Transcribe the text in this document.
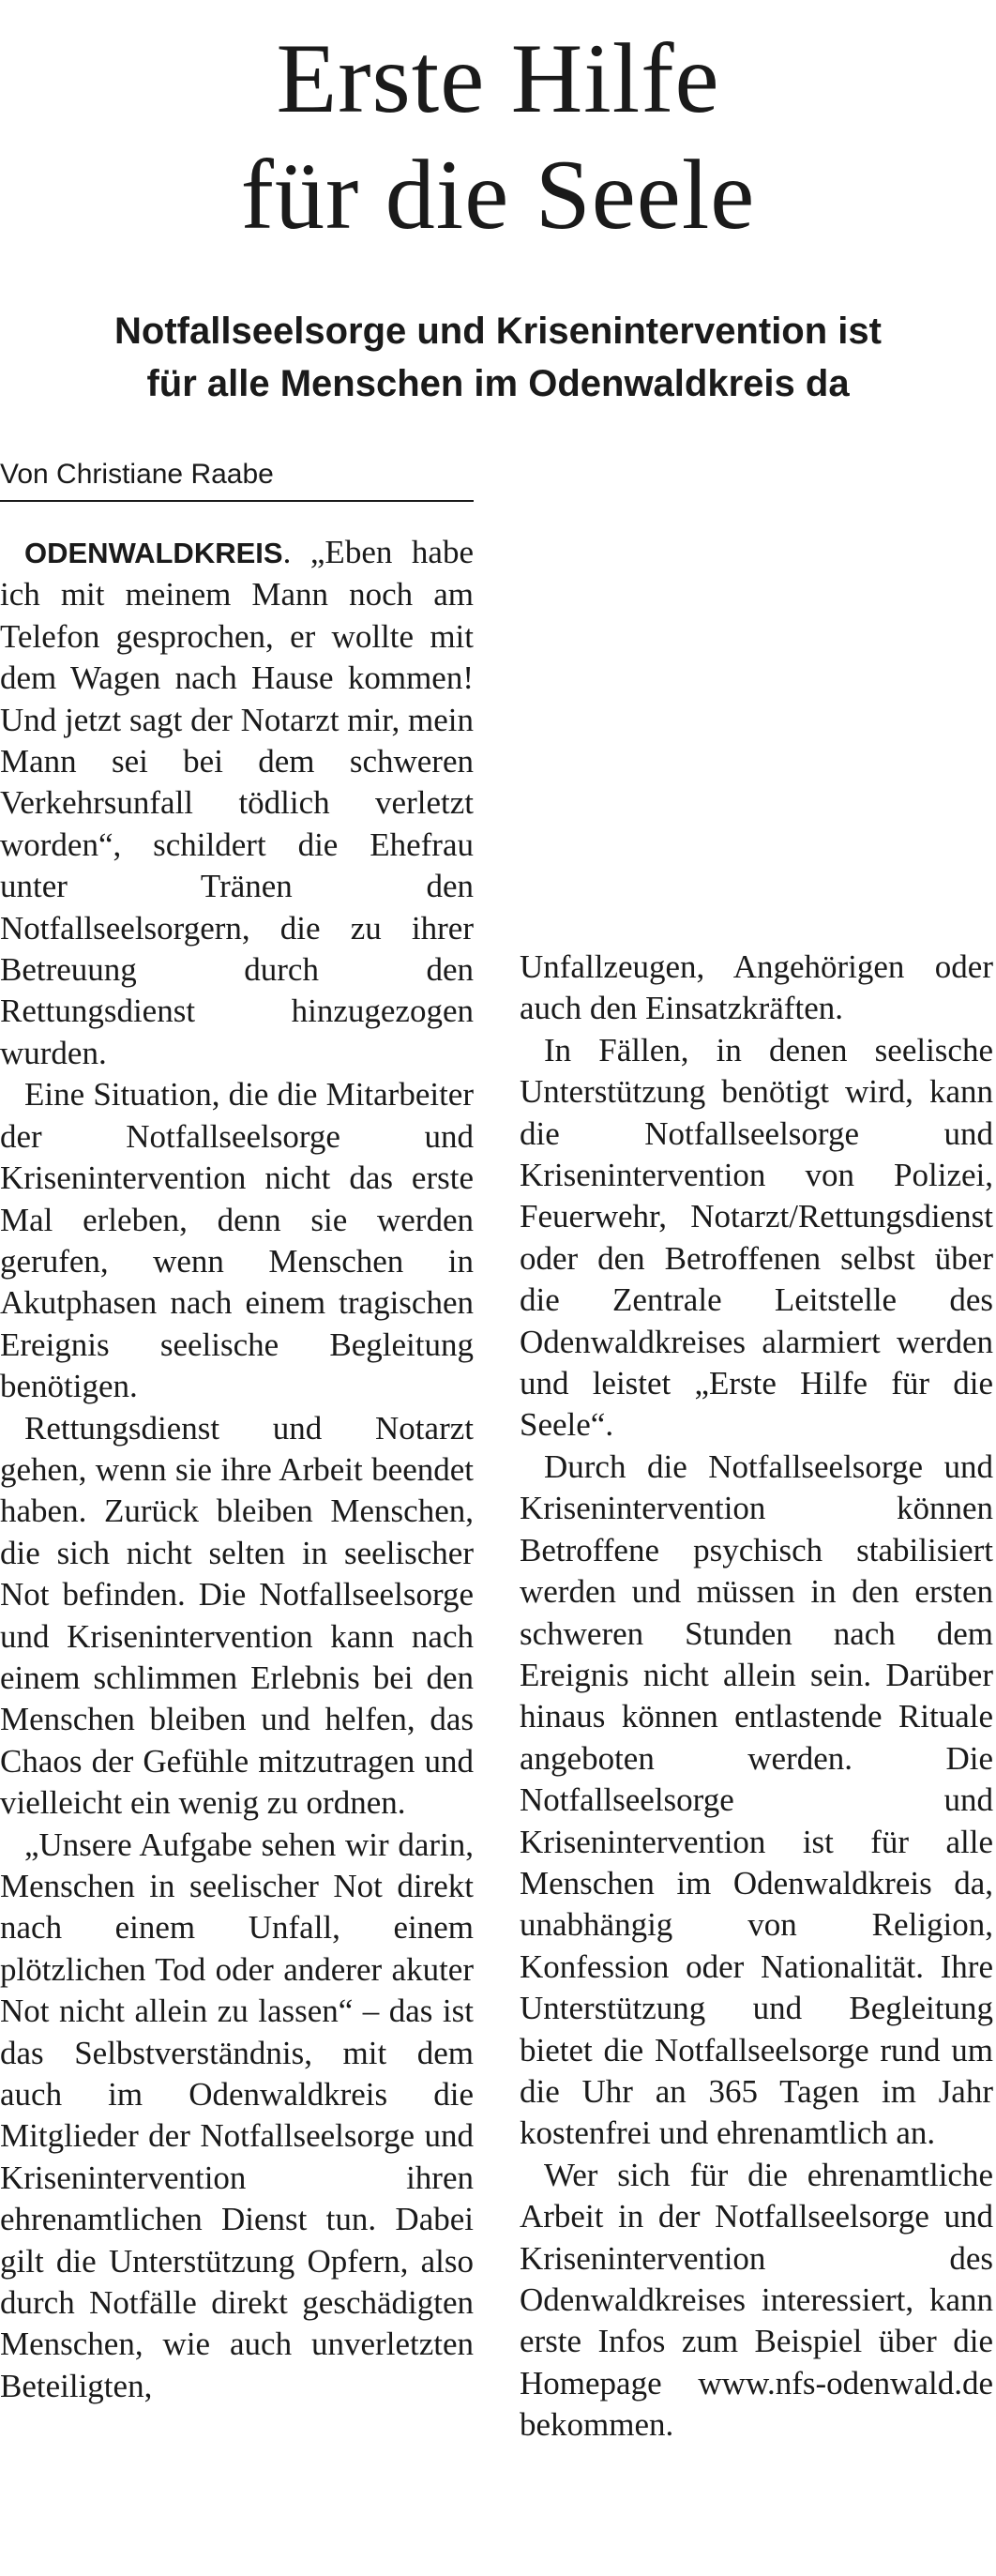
Erste Hilfe
für die Seele
Notfallseelsorge und Krisenintervention ist
für alle Menschen im Odenwaldkreis da
Von Christiane Raabe

ODENWALDKREIS. „Eben habe ich mit meinem Mann noch am Telefon gesprochen, er wollte mit dem Wagen nach Hause kommen! Und jetzt sagt der Notarzt mir, mein Mann sei bei dem schweren Verkehrsunfall tödlich verletzt worden“, schildert die Ehefrau unter Tränen den Notfallseelsorgern, die zu ihrer Betreuung durch den Rettungsdienst hinzugezogen wurden.

Eine Situation, die die Mitarbeiter der Notfallseelsorge und Krisenintervention nicht das erste Mal erleben, denn sie werden gerufen, wenn Menschen in Akutphasen nach einem tragischen Ereignis seelische Begleitung benötigen.

Rettungsdienst und Notarzt gehen, wenn sie ihre Arbeit beendet haben. Zurück bleiben Menschen, die sich nicht selten in seelischer Not befinden. Die Notfallseelsorge und Krisenintervention kann nach einem schlimmen Erlebnis bei den Menschen bleiben und helfen, das Chaos der Gefühle mitzutragen und vielleicht ein wenig zu ordnen.

„Unsere Aufgabe sehen wir darin, Menschen in seelischer Not direkt nach einem Unfall, einem plötzlichen Tod oder anderer akuter Not nicht allein zu lassen“ – das ist das Selbstverständnis, mit dem auch im Odenwaldkreis die Mitglieder der Notfallseelsorge und Krisenintervention ihren ehrenamtlichen Dienst tun. Dabei gilt die Unterstützung Opfern, also durch Notfälle direkt geschädigten Menschen, wie auch unverletzten Beteiligten,

Unfallzeugen, Angehörigen oder auch den Einsatzkräften.

In Fällen, in denen seelische Unterstützung benötigt wird, kann die Notfallseelsorge und Krisenintervention von Polizei, Feuerwehr, Notarzt/Rettungsdienst oder den Betroffenen selbst über die Zentrale Leitstelle des Odenwaldkreises alarmiert werden und leistet „Erste Hilfe für die Seele“.

Durch die Notfallseelsorge und Krisenintervention können Betroffene psychisch stabilisiert werden und müssen in den ersten schweren Stunden nach dem Ereignis nicht allein sein. Darüber hinaus können entlastende Rituale angeboten werden. Die Notfallseelsorge und Krisenintervention ist für alle Menschen im Odenwaldkreis da, unabhängig von Religion, Konfession oder Nationalität. Ihre Unterstützung und Begleitung bietet die Notfallseelsorge rund um die Uhr an 365 Tagen im Jahr kostenfrei und ehrenamtlich an.

Wer sich für die ehrenamtliche Arbeit in der Notfallseelsorge und Krisenintervention des Odenwaldkreises interessiert, kann erste Infos zum Beispiel über die Homepage www.nfs-odenwald.de bekommen.
